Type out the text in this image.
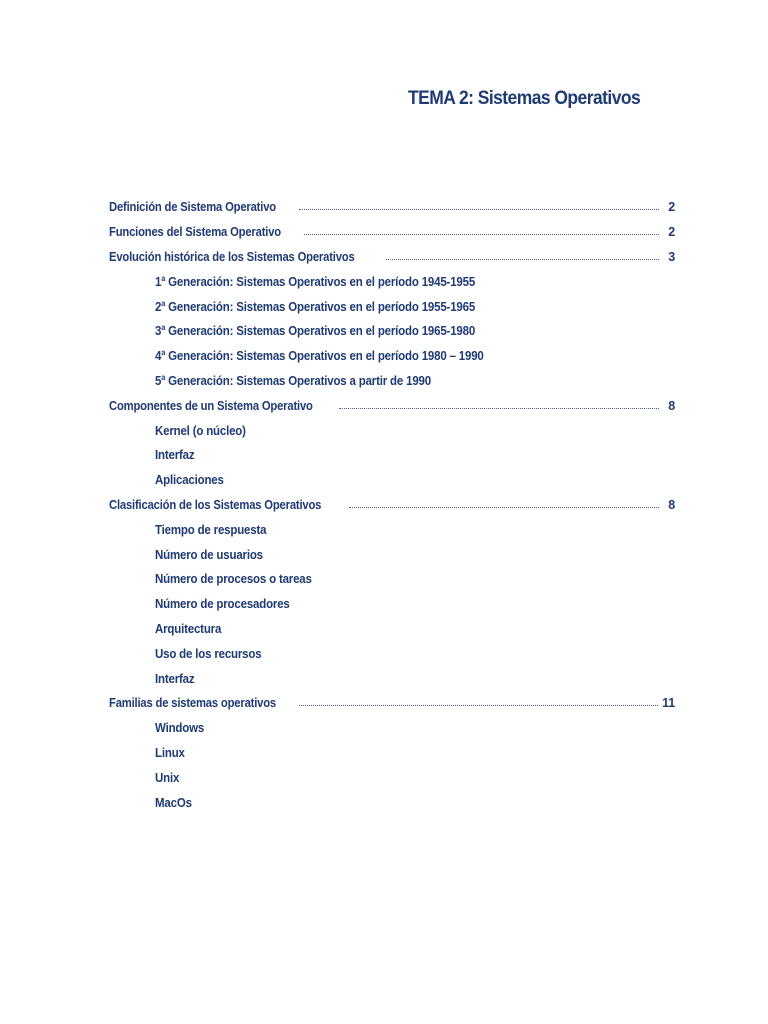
TEMA 2: Sistemas Operativos
Definición de Sistema Operativo	2
Funciones del Sistema Operativo	2
Evolución histórica de los Sistemas Operativos	3
1$^a$ Generación: Sistemas Operativos en el período 1945-1955
2$^a$ Generación: Sistemas Operativos en el período 1955-1965
3$^a$ Generación: Sistemas Operativos en el período 1965-1980
4$^a$ Generación: Sistemas Operativos en el período 1980 – 1990
5$^a$ Generación: Sistemas Operativos a partir de 1990
Componentes de un Sistema Operativo	8
Kernel (o núcleo)
Interfaz
Aplicaciones
Clasificación de los Sistemas Operativos	8
Tiempo de respuesta
Número de usuarios
Número de procesos o tareas
Número de procesadores
Arquitectura
Uso de los recursos
Interfaz
Familias de sistemas operativos	11
Windows
Linux
Unix
MacOs
